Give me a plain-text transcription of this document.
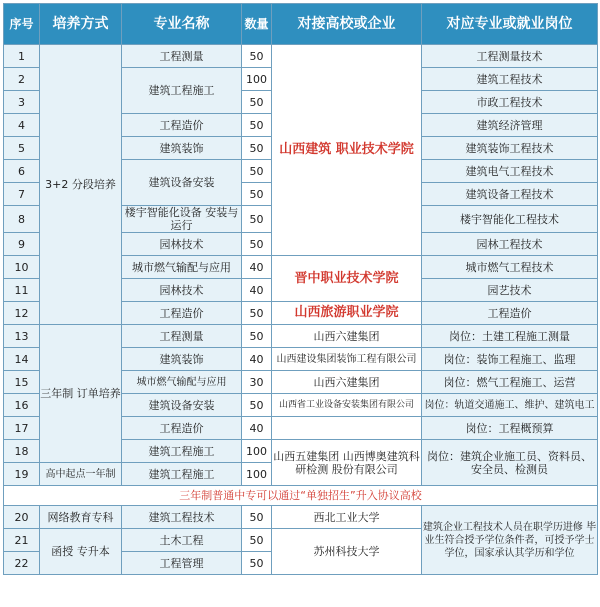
序号	培养方式	专业名称	数量	对接高校或企业	对应专业或就业岗位
1	3+2 分段培养	工程测量	50	山西建筑 职业技术学院	工程测量技术
2		建筑工程施工	100		建筑工程技术
3			50		市政工程技术
4		工程造价	50		建筑经济管理
5		建筑装饰	50		建筑装饰工程技术
6		建筑设备安装	50		建筑电气工程技术
7			50		建筑设备工程技术
8		楼宇智能化设备 安装与运行	50		楼宇智能化工程技术
9		园林技术	50		园林工程技术
10		城市燃气输配与应用	40	晋中职业技术学院	城市燃气工程技术
11		园林技术	40		园艺技术
12		工程造价	50	山西旅游职业学院	工程造价
13	三年制 订单培养	工程测量	50	山西六建集团	岗位：土建工程施工测量
14		建筑装饰	40	山西建设集团装饰工程有限公司	岗位：装饰工程施工、监理
15		城市燃气输配与应用	30	山西六建集团	岗位：燃气工程施工、运营
16		建筑设备安装	50	山西省工业设备安装集团有限公司	岗位：轨道交通施工、维护、建筑电工
17		工程造价	40		岗位：工程概预算
18		建筑工程施工	100	山西五建集团 山西博奥建筑科研检测 股份有限公司	岗位：建筑企业施工员、资料员、安全员、检测员
19	高中起点一年制	建筑工程施工	100		
三年制普通中专可以通过“单独招生”升入协议高校					
20	网络教育专科	建筑工程技术	50	西北工业大学	建筑企业工程技术人员在职学历进修 毕业生符合授予学位条件者，可授予学士学位，国家承认其学历和学位
21	函授 专升本	土木工程	50	苏州科技大学	
22		工程管理	50		
